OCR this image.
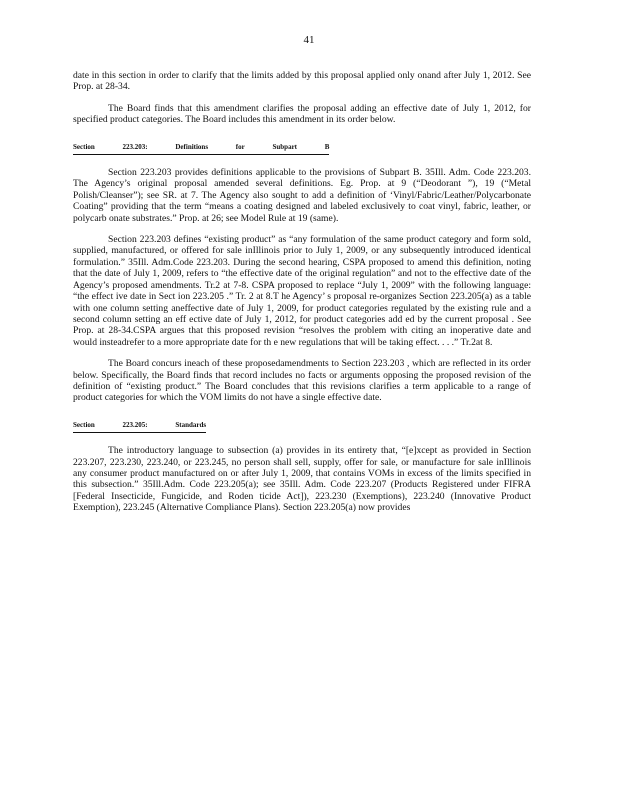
41

date in this section in order to clarify that the limits added by this proposal applied only onand after July 1, 2012. See Prop. at 28-34.

The Board finds that this amendment clarifies the proposal adding an effective date of July 1, 2012, for specified product categories. The Board includes this amendment in its order below.

Section	223.203:	Definitions	for	Subpart	B

Section 223.203 provides definitions applicable to the provisions of Subpart B. 35Ill. Adm. Code 223.203. The Agency’s original proposal amended several definitions. Eg. Prop. at 9 (“Deodorant ”), 19 (“Metal Polish/Cleanser”); see SR. at 7. The Agency also sought to add a definition of ‘Vinyl/Fabric/Leather/Polycarbonate Coating” providing that the term “means a coating designed and labeled exclusively to coat vinyl, fabric, leather, or polycarb onate substrates.” Prop. at 26; see Model Rule at 19 (same).

Section 223.203 defines “existing product” as “any formulation of the same product category and form sold, supplied, manufactured, or offered for sale inIllinois prior to July 1, 2009, or any subsequently introduced identical formulation.” 35Ill. Adm.Code 223.203. During the second hearing, CSPA proposed to amend this definition, noting that the date of July 1, 2009, refers to “the effective date of the original regulation” and not to the effective date of the Agency’s proposed amendments. Tr.2 at 7-8. CSPA proposed to replace “July 1, 2009” with the following language: “the effect ive date in Sect ion 223.205 .” Tr. 2 at 8.T he Agency’ s proposal re-organizes Section 223.205(a) as a table with one column setting aneffective date of July 1, 2009, for product categories regulated by the existing rule and a second column setting an eff ective date of July 1, 2012, for product categories add ed by the current proposal . See Prop. at 28-34.CSPA argues that this proposed revision “resolves the problem with citing an inoperative date and would insteadrefer to a more appropriate date for th e new regulations that will be taking effect. . . .” Tr.2at 8.

The Board concurs ineach of these proposedamendments to Section 223.203 , which are reflected in its order below. Specifically, the Board finds that record includes no facts or arguments opposing the proposed revision of the definition of “existing product.” The Board concludes that this revisions clarifies a term applicable to a range of product categories for which the VOM limits do not have a single effective date.

Section	223.205:	Standards

The introductory language to subsection (a) provides in its entirety that, “[e]xcept as provided in Section 223.207, 223.230, 223.240, or 223.245, no person shall sell, supply, offer for sale, or manufacture for sale inIllinois any consumer product manufactured on or after July 1, 2009, that contains VOMs in excess of the limits specified in this subsection.” 35Ill.Adm. Code 223.205(a); see 35Ill. Adm. Code 223.207 (Products Registered under FIFRA [Federal Insecticide, Fungicide, and Roden ticide Act]), 223.230 (Exemptions), 223.240 (Innovative Product Exemption), 223.245 (Alternative Compliance Plans). Section 223.205(a) now provides
